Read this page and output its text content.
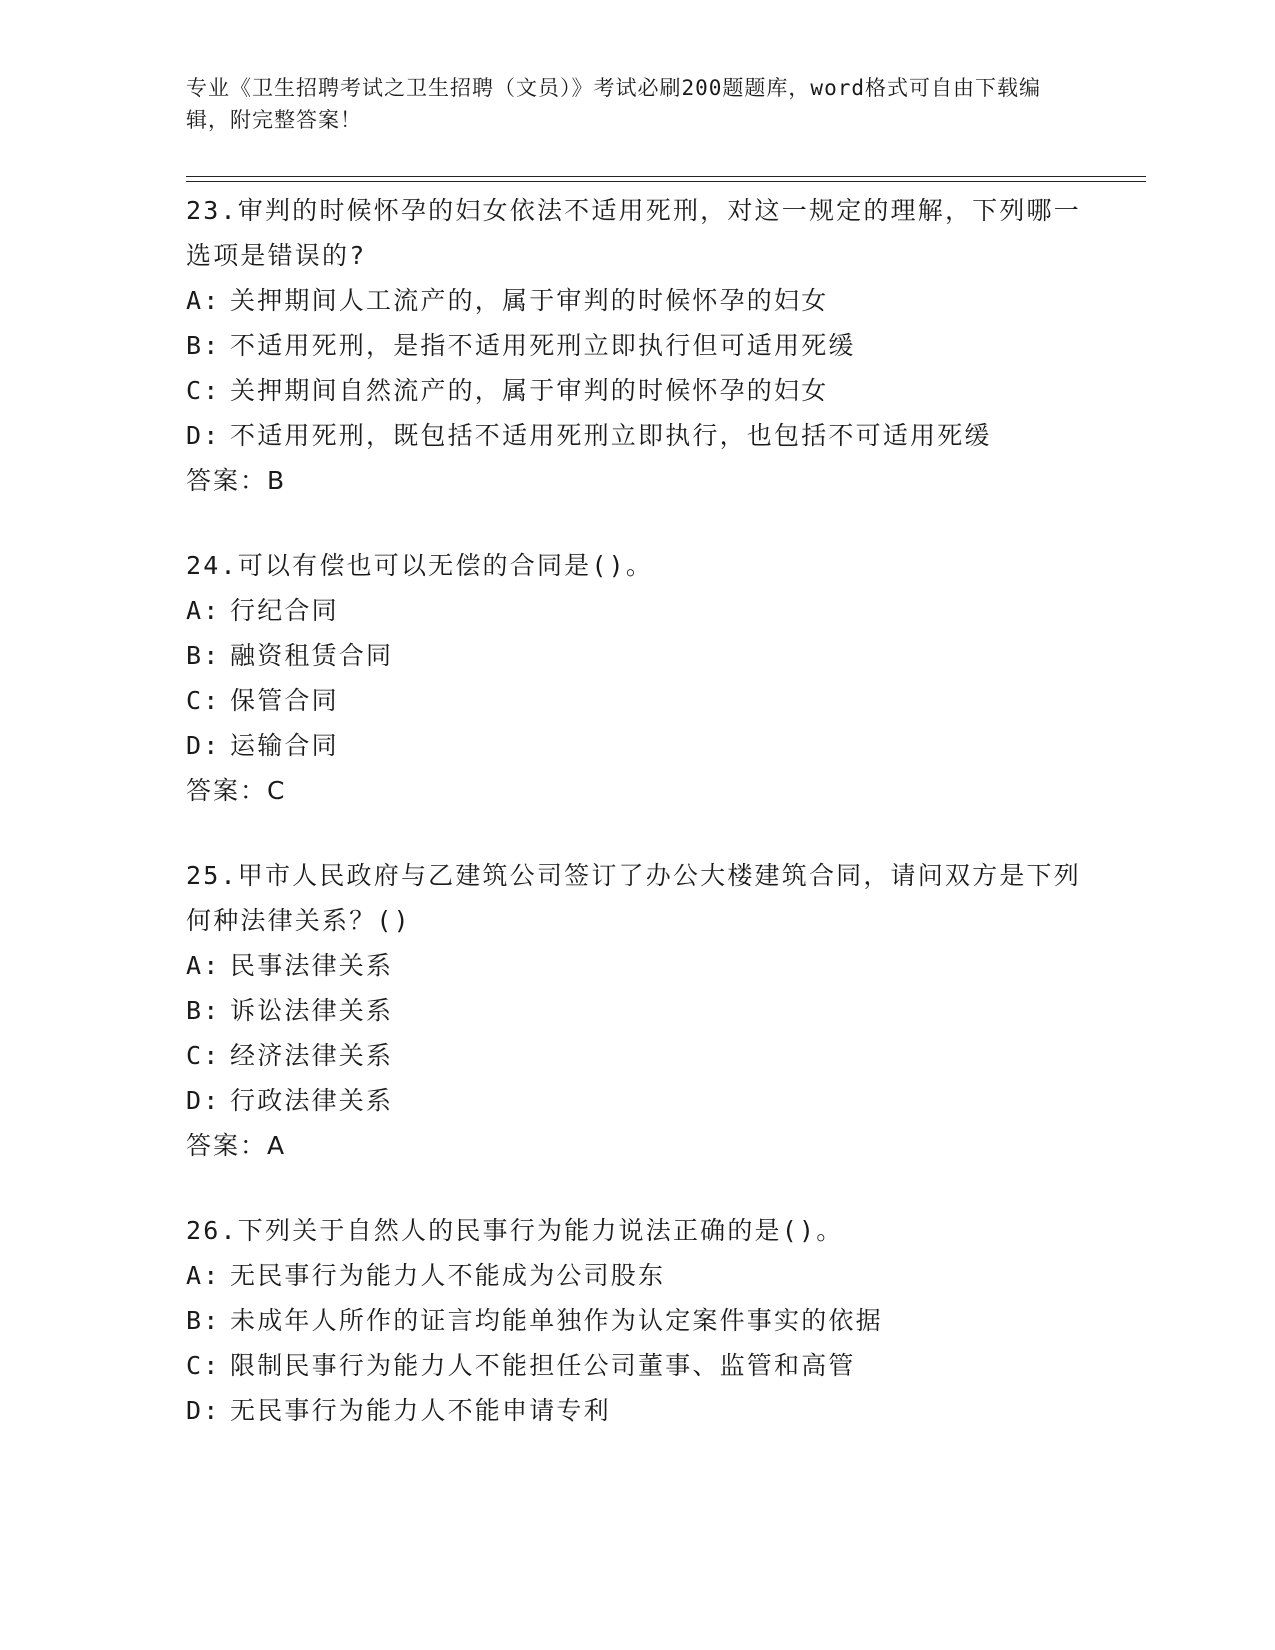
专业《卫生招聘考试之卫生招聘（文员）》考试必刷200题题库，word格式可自由下载编辑，附完整答案！

23.审判的时候怀孕的妇女依法不适用死刑，对这一规定的理解，下列哪一选项是错误的?

A: 关押期间人工流产的，属于审判的时候怀孕的妇女

B: 不适用死刑，是指不适用死刑立即执行但可适用死缓

C: 关押期间自然流产的，属于审判的时候怀孕的妇女

D: 不适用死刑，既包括不适用死刑立即执行，也包括不可适用死缓

答案：B

24.可以有偿也可以无偿的合同是()。

A: 行纪合同

B: 融资租赁合同

C: 保管合同

D: 运输合同

答案：C

25.甲市人民政府与乙建筑公司签订了办公大楼建筑合同，请问双方是下列何种法律关系？()

A: 民事法律关系

B: 诉讼法律关系

C: 经济法律关系

D: 行政法律关系

答案：A

26.下列关于自然人的民事行为能力说法正确的是()。

A: 无民事行为能力人不能成为公司股东

B: 未成年人所作的证言均能单独作为认定案件事实的依据

C: 限制民事行为能力人不能担任公司董事、监管和高管

D: 无民事行为能力人不能申请专利
